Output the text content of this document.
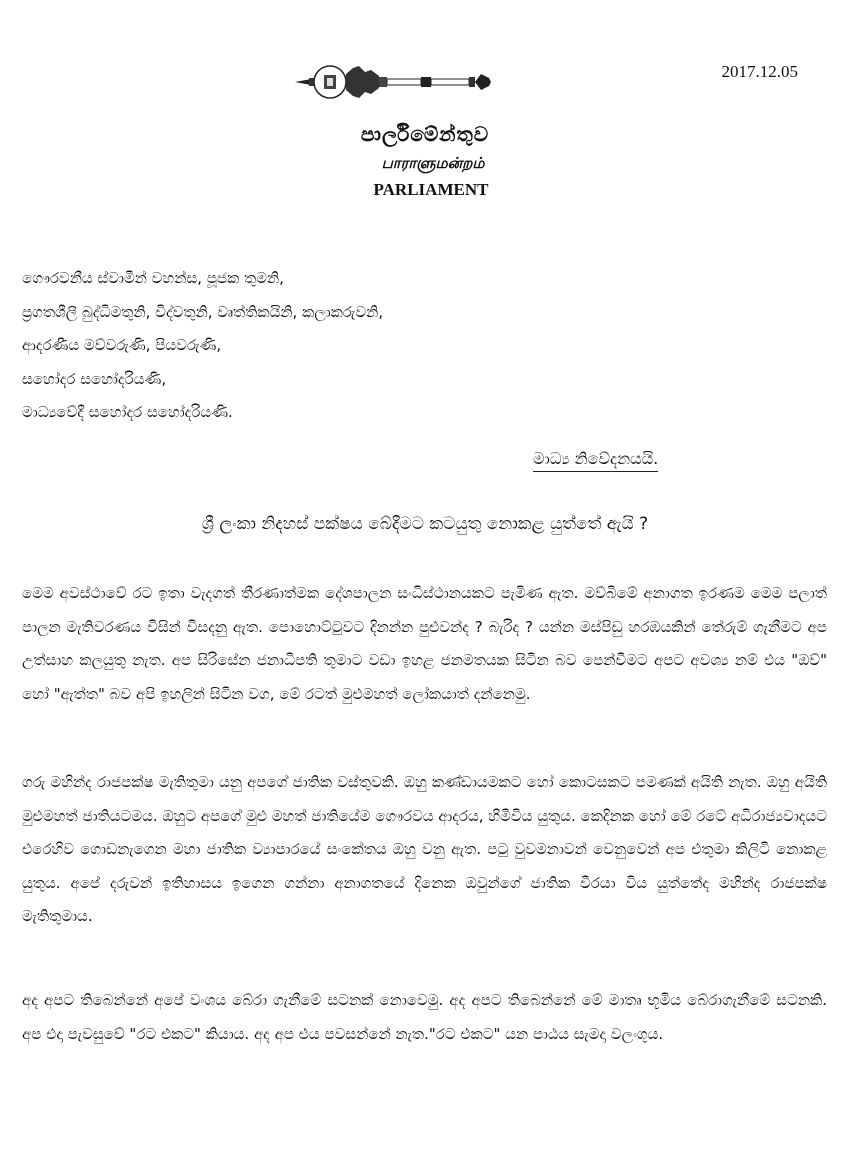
2017.12.05
පාර්ලිමේන්තුව
பாராளுமன்றம்
PARLIAMENT
ගෞරවනීය ස්වාමීන් වහන්ස, පූජක තුමනි,
ප්‍රගතශීලී බුද්ධිමතුනි, විද්වතුනි, වෘත්තිකයිනි, කලාකරුවනි,
ආදරණීය මව්වරුණි, පියවරුණි,
සහෝදර සහෝදරියණි,
මාධ්‍යවේදී සහෝදර සහෝදරියණි.
මාධ්‍ය නිවේදනයයි.
ශ්‍රී ලංකා නිදහස් පක්ෂය බේදීමට කටයුතු නොකළ යුත්තේ ඇයි ?
මෙම අවස්ථාවේ රට ඉතා වැදගත් තීරණාත්මක දේශපාලන සංධිස්ථානයකට පැමිණ ඇත. මව්බිමේ අනාගත ඉරණම මෙම පලාත් පාලන මැතිවරණය විසින් විසදනු ඇත. පොහොට්ටුවට දිනන්න පුළුවන්ද ? බැරිද ? යන්න මස්පිඩු හරඹයකින් තේරුම් ගැනීමට අප උත්සාහ කලයුතු නැත. අප සිරිසේන ජනාධිපති තුමාට වඩා ඉහළ ජනමතයක සිටින බව පෙන්වීමට අපට අවශ්‍ය නම් එය "ඔව්" හෝ "ඇත්ත" බව අපි ඉහලින් සිටින වග, මේ රටත් මුළුමහත් ලෝකයාත් දන්නෙමු.
ගරු මහින්ද රාජපක්ෂ මැතිතුමා යනු අපගේ ජාතික වස්තුවකි. ඔහු කණ්ඩායමකට හෝ කොටසකට පමණක් අයිති නැත. ඔහු අයිති මුළුමහත් ජාතියටමය. ඔහුට අපගේ මුළු මහත් ජාතියේම ගෞරවය ආදරය, හිමිවිය යුතුය. කෙදිනක හෝ මේ රටේ අධිරාජ්‍යවාදයට එරෙහිව ගොඩනැගෙන මහා ජාතික ව්‍යාපාරයේ සංකේතය ඔහු වනු ඇත. පටු වුවමනාවන් වෙනුවෙන් අප එතුමා කිලිටි නොකළ යුතුය. අපේ දරුවන් ඉතිහාසය ඉගෙන ගන්නා අනාගතයේ දිනෙක ඔවුන්ගේ ජාතික වීරයා විය යුත්තේද මහින්ද රාජපක්ෂ මැතිතුමාය.
අද අපට තිබෙන්නේ අපේ වංශය බේරා ගැනීමේ සටනක් නොවෙමු. අද අපට තිබෙන්නේ මේ මාතෘ භූමිය බේරාගැනීමේ සටනකි. අප එදා පැවසුවේ "රට එකට" කියාය. අද අප එය පවසන්නේ නැත."රට එකට" යන පාඨය සැමදා වලංගුය.
